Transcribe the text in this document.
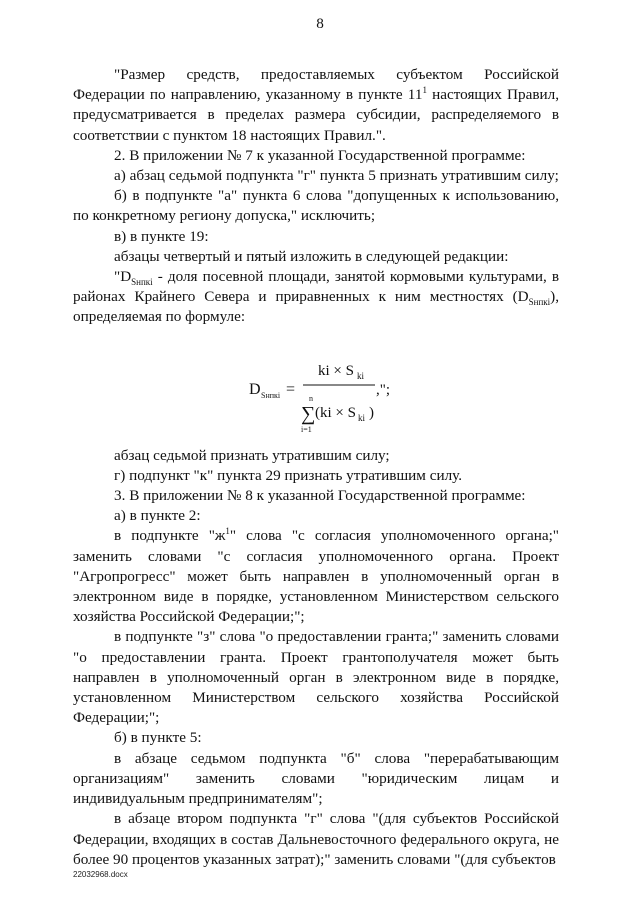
8

"Размер средств, предоставляемых субъектом Российской Федерации по направлению, указанному в пункте $11^1$ настоящих Правил, предусматривается в пределах размера субсидии, распределяемого в соответствии с пунктом 18 настоящих Правил.".

2. В приложении № 7 к указанной Государственной программе:

а) абзац седьмой подпункта "г" пункта 5 признать утратившим силу;

б) в подпункте "а" пункта 6 слова "допущенных к использованию, по конкретному региону допуска," исключить;

в) в пункте 19:

абзацы четвертый и пятый изложить в следующей редакции:

"$D_{Sнпкi}$ - доля посевной площади, занятой кормовыми культурами, в районах Крайнего Севера и приравненных к ним местностях $(D_{Sнпкi})$, определяемая по формуле:

D Sнпкi =
ki × S ki
n
∑
i=1
(ki × S ki )
,";

абзац седьмой признать утратившим силу;

г) подпункт "к" пункта 29 признать утратившим силу.

3. В приложении № 8 к указанной Государственной программе:

а) в пункте 2:

в подпункте "$ж^1$" слова "с согласия уполномоченного органа;" заменить словами "с согласия уполномоченного органа. Проект "Агропрогресс" может быть направлен в уполномоченный орган в электронном виде в порядке, установленном Министерством сельского хозяйства Российской Федерации;";

в подпункте "з" слова "о предоставлении гранта;" заменить словами "о предоставлении гранта. Проект грантополучателя может быть направлен в уполномоченный орган в электронном виде в порядке, установленном Министерством сельского хозяйства Российской Федерации;";

б) в пункте 5:

в абзаце седьмом подпункта "б" слова "перерабатывающим организациям" заменить словами "юридическим лицам и индивидуальным предпринимателям";

в абзаце втором подпункта "г" слова "(для субъектов Российской Федерации, входящих в состав Дальневосточного федерального округа, не более 90 процентов указанных затрат);" заменить словами "(для субъектов

22032968.docx
